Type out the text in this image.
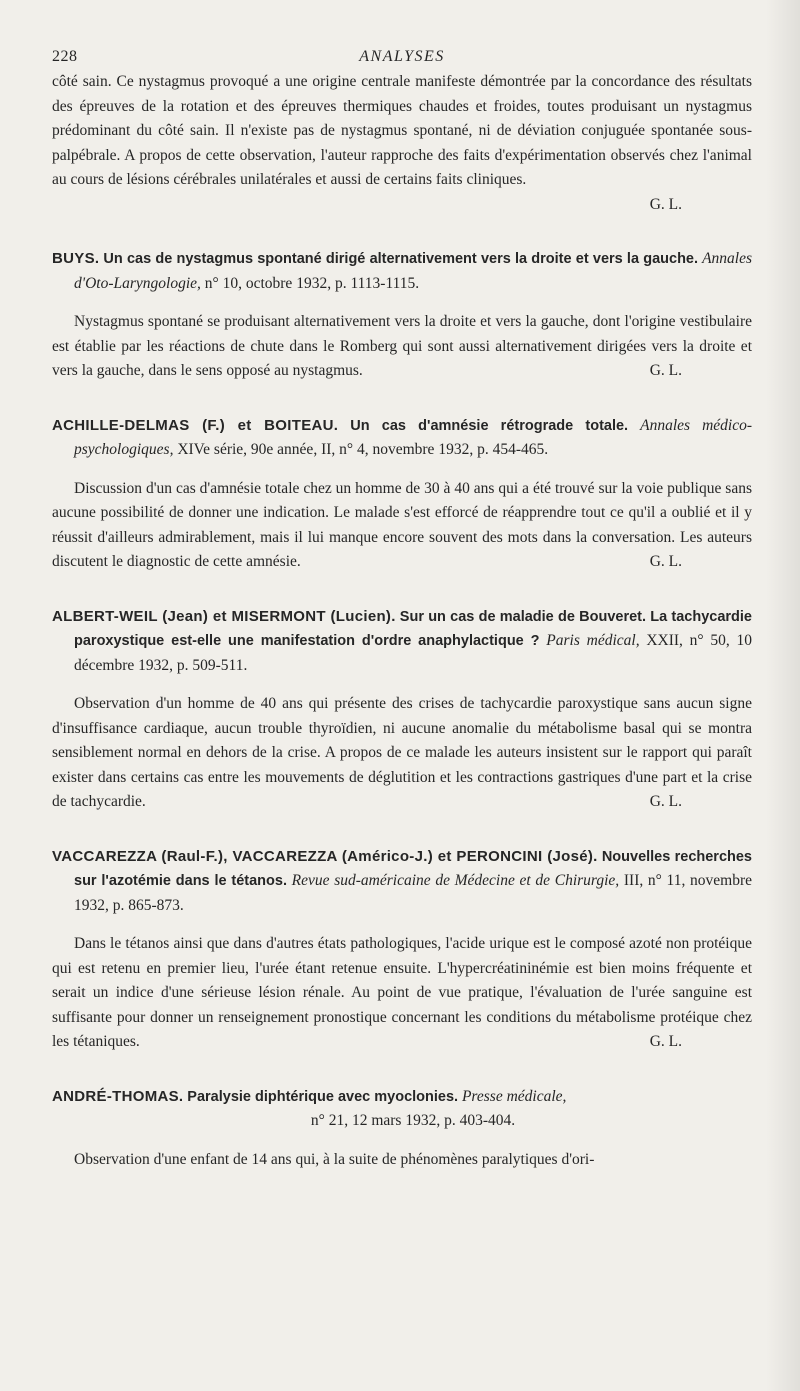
228	ANALYSES

côté sain. Ce nystagmus provoqué a une origine centrale manifeste démontrée par la concordance des résultats des épreuves de la rotation et des épreuves thermiques chaudes et froides, toutes produisant un nystagmus prédominant du côté sain. Il n'existe pas de nystagmus spontané, ni de déviation conjuguée spontanée sous-palpébrale. A propos de cette observation, l'auteur rapproche des faits d'expérimentation observés chez l'animal au cours de lésions cérébrales unilatérales et aussi de certains faits cliniques.

G. L.

BUYS. Un cas de nystagmus spontané dirigé alternativement vers la droite et vers la gauche. Annales d'Oto-Laryngologie, n° 10, octobre 1932, p. 1113-1115.

Nystagmus spontané se produisant alternativement vers la droite et vers la gauche, dont l'origine vestibulaire est établie par les réactions de chute dans le Romberg qui sont aussi alternativement dirigées vers la droite et vers la gauche, dans le sens opposé au nystagmus.	G. L.

ACHILLE-DELMAS (F.) et BOITEAU. Un cas d'amnésie rétrograde totale. Annales médico-psychologiques, XIVe série, 90e année, II, n° 4, novembre 1932, p. 454-465.

Discussion d'un cas d'amnésie totale chez un homme de 30 à 40 ans qui a été trouvé sur la voie publique sans aucune possibilité de donner une indication. Le malade s'est efforcé de réapprendre tout ce qu'il a oublié et il y réussit d'ailleurs admirablement, mais il lui manque encore souvent des mots dans la conversation. Les auteurs discutent le diagnostic de cette amnésie.	G. L.

ALBERT-WEIL (Jean) et MISERMONT (Lucien). Sur un cas de maladie de Bouveret. La tachycardie paroxystique est-elle une manifestation d'ordre anaphylactique ? Paris médical, XXII, n° 50, 10 décembre 1932, p. 509-511.

Observation d'un homme de 40 ans qui présente des crises de tachycardie paroxystique sans aucun signe d'insuffisance cardiaque, aucun trouble thyroïdien, ni aucune anomalie du métabolisme basal qui se montra sensiblement normal en dehors de la crise. A propos de ce malade les auteurs insistent sur le rapport qui paraît exister dans certains cas entre les mouvements de déglutition et les contractions gastriques d'une part et la crise de tachycardie.	G. L.

VACCAREZZA (Raul-F.), VACCAREZZA (Américo-J.) et PERONCINI (José). Nouvelles recherches sur l'azotémie dans le tétanos. Revue sud-américaine de Médecine et de Chirurgie, III, n° 11, novembre 1932, p. 865-873.

Dans le tétanos ainsi que dans d'autres états pathologiques, l'acide urique est le composé azoté non protéique qui est retenu en premier lieu, l'urée étant retenue ensuite. L'hypercréatininémie est bien moins fréquente et serait un indice d'une sérieuse lésion rénale. Au point de vue pratique, l'évaluation de l'urée sanguine est suffisante pour donner un renseignement pronostique concernant les conditions du métabolisme protéique chez les tétaniques.	G. L.

ANDRÉ-THOMAS. Paralysie diphtérique avec myoclonies. Presse médicale,
n° 21, 12 mars 1932, p. 403-404.

Observation d'une enfant de 14 ans qui, à la suite de phénomènes paralytiques d'ori-
